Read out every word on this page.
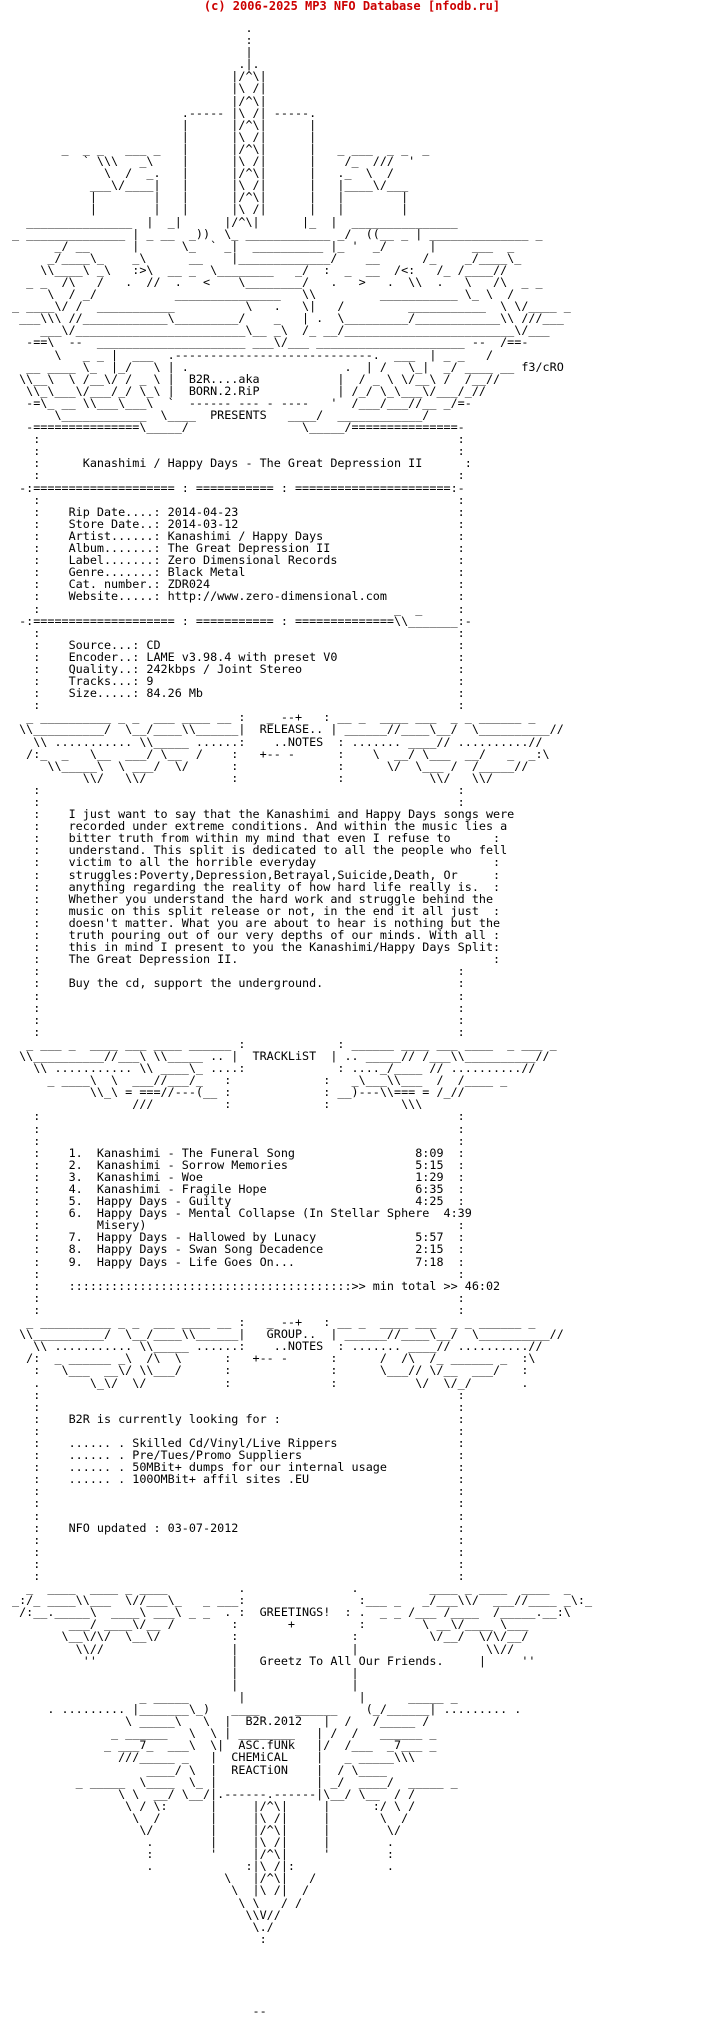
(c) 2006-2025 MP3 NFO Database [nfodb.ru]
.
:
|
.|.
|/^\|
|\ /|
|/^\|
.----- |\ /| -----.
|      |/^\|      |
|      |\ /|      |
_  _ _   ___ _   |      |/^\|      |   _ ___  _ _  _
` \\\   _\    |      |\ /|      |    /_  ///  '
\  /  _.   |      |/^\|      |   ._  \  /
___\/____|   |      |\ /|      |   |____\/___
|        |   |      |/^\|      |   |        |
|        |   |      |\ /|      |   |        |
_______________  |  _|      |/^\|      |_  |  _______________
_ ______________ | _ __  _))  \_ ____________ _/  ((__ _ | ______________ _
_/ __      |      \_  ` _|  __________ |_ '  _/      |     ___  _
_/____\_    _\      __    |_____________/    __      /_    _/____\_
\\____\ _\   :>\  __ _  \________   _/  :  _  __  /<:   /_ /____//
_ _  /\   /   .  //  .   <    \________/   .   >   .  \\  .   \   /\  _ _
\  / _/           _______________   \\         ___________ \_ \  /
_ ____\/ /  ___________          \   .   \|   /         ___________  \ \/____ _
___\\\ //____________\_________/    _   | .  \_________/____________\\ ///___
___\/________________________\__ _\  /_ __/________________________\/___
-==\  --  _____________________ ___\/___ _____________________ --  /==-
\   _ _ |  ___  .----------------------------.  ___  | _ _   /
__ ____ \_  |_/   \ | .                      .  | /   \_|  _/ ____ __ f3/cRO
\\__\  \ /__\/ / _ \ |  B2R....aka           |  / _ \ \/__\ /  /__//
\\_\___\/___/_/ \_\ |  BORN.2.RiP           | /_/ \_\___\/___/_//
-=\_ __ \\___\___\  `  ------ --- - ----   '  /___/___//__ _/=-
\____________  \____  PRESENTS   ____/  ____________/
-===============\_____/                \_____/===============-
:                                                           :
:                                                           :
:      Kanashimi / Happy Days - The Great Depression II      :
:                                                           :
-:==================== : =========== : ======================:-
:                                                           :
:    Rip Date....: 2014-04-23                               :
:    Store Date..: 2014-03-12                               :
:    Artist......: Kanashimi / Happy Days                   :
:    Album.......: The Great Depression II                  :
:    Label.......: Zero Dimensional Records                 :
:    Genre.......: Black Metal                              :
:    Cat. number.: ZDR024                                   :
:    Website.....: http://www.zero-dimensional.com          :
:                                                  _  _     :
-:==================== : =========== : ==============\\_______:-
:                                                           :
:    Source...: CD                                          :
:    Encoder..: LAME v3.98.4 with preset V0                 :
:    Quality..: 242kbps / Joint Stereo                      :
:    Tracks...: 9                                           :
:    Size.....: 84.26 Mb                                    :
:                                                           :
_ __________ _ _  ___ ____ __ :   _ --+   : __ _  ____ ___  _ _ ______ _
\\__________/  \__/____\\______|  RELEASE.. | ______//____\__/  \__________//
\\ ........... \\_____ ......:    ..NOTES  : ....... ____// ..........//
/:_  _   \__  ___/ \__  /    :   +-- -      :    \  __/ \___  __/   _  _:\
\\_____\  \ ___/  \/      :              :      \/  \___ /  /_____//
\\/   \\/            :              :            \\/   \\/
:                                                           :
:                                                           :
:    I just want to say that the Kanashimi and Happy Days songs were
:    recorded under extreme conditions. And within the music lies a
:    bitter truth from within my mind that even I refuse to      :
:    understand. This split is dedicated to all the people who fell
:    victim to all the horrible everyday                         :
:    struggles:Poverty,Depression,Betrayal,Suicide,Death, Or     :
:    anything regarding the reality of how hard life really is.  :
:    Whether you understand the hard work and struggle behind the
:    music on this split release or not, in the end it all just  :
:    doesn't matter. What you are about to hear is nothing but the
:    truth pouring out of our very depths of our minds. With all :
:    this in mind I present to you the Kanashimi/Happy Days Split:
:    The Great Depression II.                                    :
:                                                           :
:    Buy the cd, support the underground.                   :
:                                                           :
:                                                           :
:                                                           :
:                                                           :
_ ___ _  ____ ___ ____ ______ :             : ______ ____ ___ ____  _ ___ _
\\__________//___\ \\_____ .. |  TRACKLiST  | .. _____// /___\\__________//
\\ ........... \\ ____\_ ....:             : ...._/____ // ..........//
_ ____\  \  ___//___/_   :             :   _\___\\___  /  /____ _
\\_\ = ===//---(__ :             : __)---\\=== = /_//
///          :             :          \\\
:                                                           :
:                                                           :
:                                                           :
:    1.  Kanashimi - The Funeral Song                 8:09  :
:    2.  Kanashimi - Sorrow Memories                  5:15  :
:    3.  Kanashimi - Woe                              1:29  :
:    4.  Kanashimi - Fragile Hope                     6:35  :
:    5.  Happy Days - Guilty                          4:25  :
:    6.  Happy Days - Mental Collapse (In Stellar Sphere  4:39
:        Misery)                                            :
:    7.  Happy Days - Hallowed by Lunacy              5:57  :
:    8.  Happy Days - Swan Song Decadence             2:15  :
:    9.  Happy Days - Life Goes On...                 7:18  :
:                                                           :
:    ::::::::::::::::::::::::::::::::::::::::>> min total >> 46:02
:                                                           :
:                                                           :
_ __________ _ _  ___ ____ __ :   _ --+   : __ _  ____ ___  _ _ ______ _
\\__________/  \__/____\\______|   GROUP..  | ______//____\__/  \__________//
\\ ........... \\_____ ......:    ..NOTES  : ....... ____// ..........//
/:  _ ______ _\  /\  \      :   +-- -      :      /  /\  /_ ______ _  :\
:   \___  __\/ \\___/      :              :      \___// \/__  ___/   :
.       \_\/  \/           :              :           \/  \/_/       .
:                                                           :
:                                                           :
:    B2R is currently looking for :                         :
:                                                           :
:    ...... . Skilled Cd/Vinyl/Live Rippers                 :
:    ...... . Pre/Tues/Promo Suppliers                      :
:    ...... . 50MBit+ dumps for our internal usage          :
:    ...... . 100OMBit+ affil sites .EU                     :
:                                                           :
:                                                           :
:                                                           :
:    NFO updated : 03-07-2012                               :
:                                                           :
:                                                           :
:                                                           :
:                                                           :
_  ____  ____ _ ____          .               .          ____ _ ____  ____  _
_:/_ ____\\___  \//___\_   _ ___:                :___ _   _/___\\/  ___//____ _\:_
/:__._____\  ____\ ___\ _ _  . :  GREETINGS!  : .  _ _ /___ /____  /_____.__:\
___/ ____\/__ /        :       +         :        \ __\/____ \___
\__\/\/  \__\/          :                :          \/__/  \/\/__/
\\//                  |                |                  \\//
''                   |   Greetz To All Our Friends.     |     ''
|                |
|                |
_ _____       |                |      _____ _
. ......... |_______\_)   ____     ______    (_/______| ......... .
\ _____\   \  |  B2R.2012   |  /   /_____ /
_ ______   \  \ | ________   | /  /   ______ _
_ ___7_  ___\  \|  ASC.fUNk   |/  /___  _7___ _
///_____ _   |  CHEMiCAL    |   _ _____\\\
____/ \  |  REACTiON    |  / \____
_ _____  \____  \_ |              | _/  ____/  _____ _
\ \  __/ \__/|.------.------|\__/ \__  / /
\ / \:      |     |/^\|     |      :/ \ /
\  /       |     |\ /|     |       \  /
\/        |     |/^\|     |        \/
.        |     |\ /|     |        .
:        '     |/^\|     '        :
.             :|\ /|:             .
\   |/^\|   /
\  |\ /|  /
\ \   / /
\\V//
\./
:

--
